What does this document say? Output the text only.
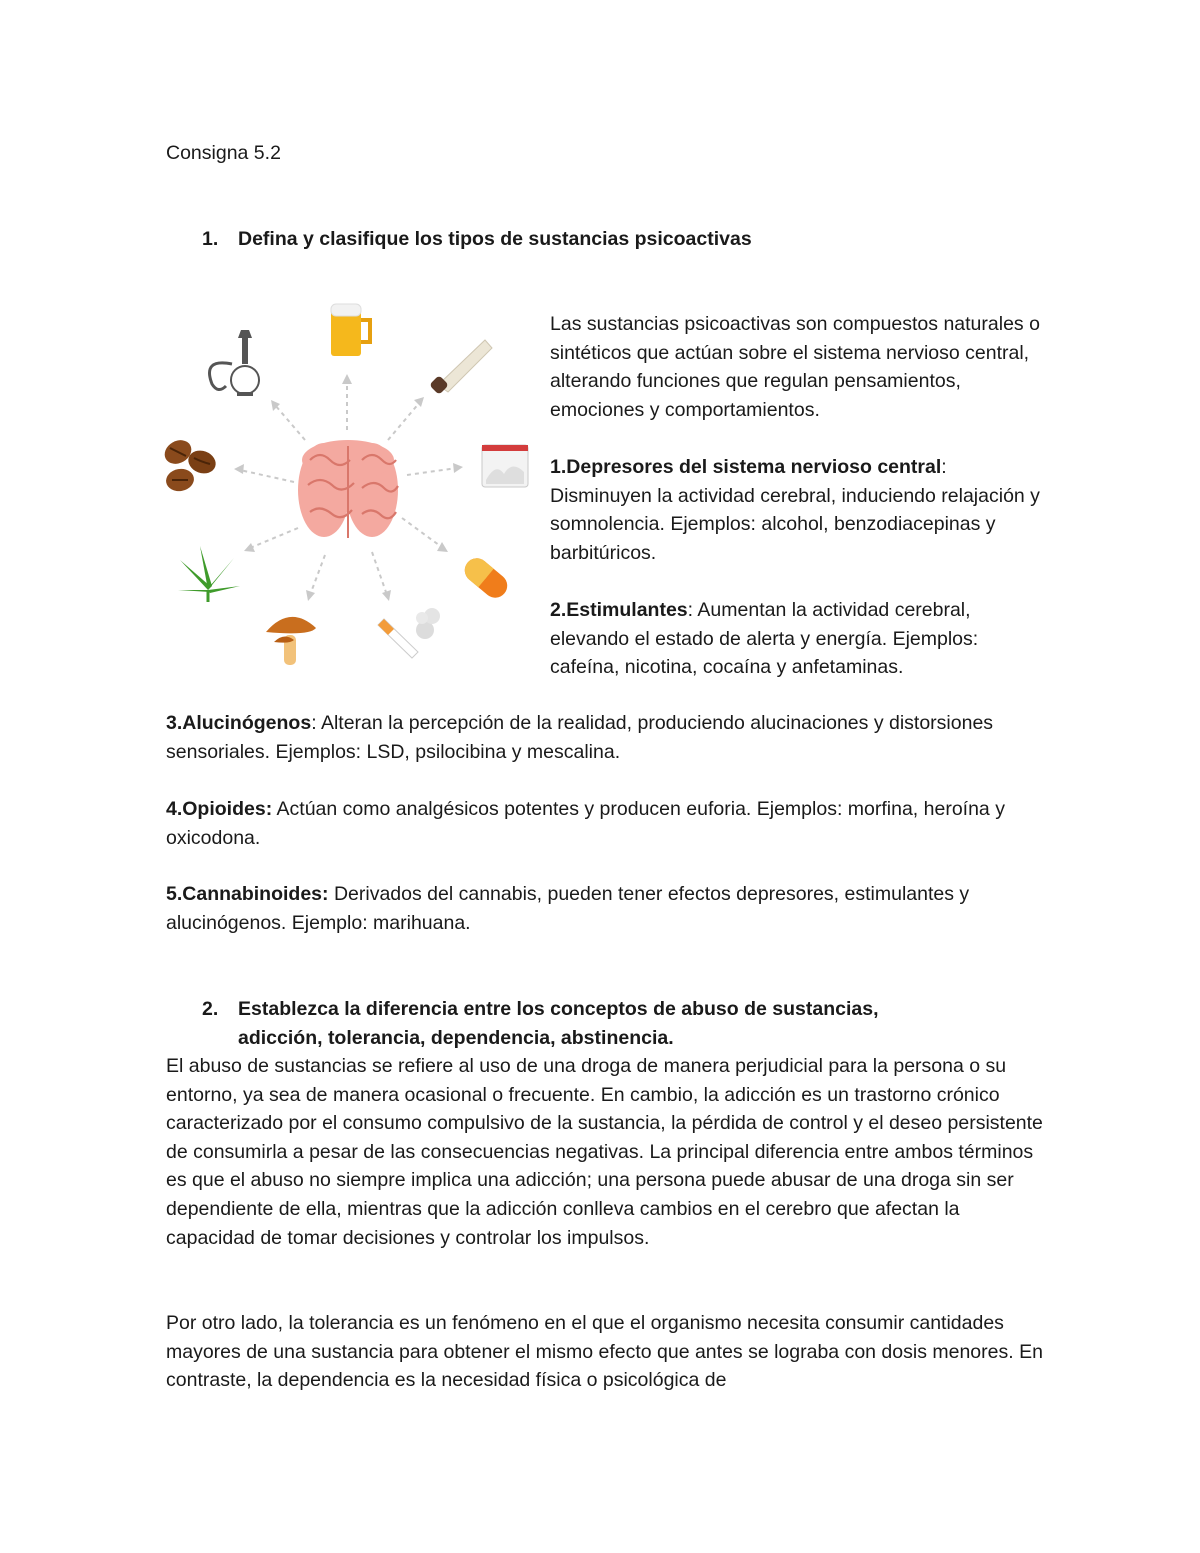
Consigna 5.2

1. Defina y clasifique los tipos de sustancias psicoactivas

Las sustancias psicoactivas son compuestos naturales o sintéticos que actúan sobre el sistema nervioso central, alterando funciones que regulan pensamientos, emociones y comportamientos.

1.Depresores del sistema nervioso central: Disminuyen la actividad cerebral, induciendo relajación y somnolencia. Ejemplos: alcohol, benzodiacepinas y barbitúricos.

2.Estimulantes: Aumentan la actividad cerebral, elevando el estado de alerta y energía. Ejemplos: cafeína, nicotina, cocaína y anfetaminas.

3.Alucinógenos: Alteran la percepción de la realidad, produciendo alucinaciones y distorsiones sensoriales. Ejemplos: LSD, psilocibina y mescalina.

4.Opioides: Actúan como analgésicos potentes y producen euforia. Ejemplos: morfina, heroína y oxicodona.

5.Cannabinoides: Derivados del cannabis, pueden tener efectos depresores, estimulantes y alucinógenos. Ejemplo: marihuana.

2. Establezca la diferencia entre los conceptos de abuso de sustancias,
adicción, tolerancia, dependencia, abstinencia.

El abuso de sustancias se refiere al uso de una droga de manera perjudicial para la persona o su entorno, ya sea de manera ocasional o frecuente. En cambio, la adicción es un trastorno crónico caracterizado por el consumo compulsivo de la sustancia, la pérdida de control y el deseo persistente de consumirla a pesar de las consecuencias negativas. La principal diferencia entre ambos términos es que el abuso no siempre implica una adicción; una persona puede abusar de una droga sin ser dependiente de ella, mientras que la adicción conlleva cambios en el cerebro que afectan la capacidad de tomar decisiones y controlar los impulsos.

Por otro lado, la tolerancia es un fenómeno en el que el organismo necesita consumir cantidades mayores de una sustancia para obtener el mismo efecto que antes se lograba con dosis menores. En contraste, la dependencia es la necesidad física o psicológica de
